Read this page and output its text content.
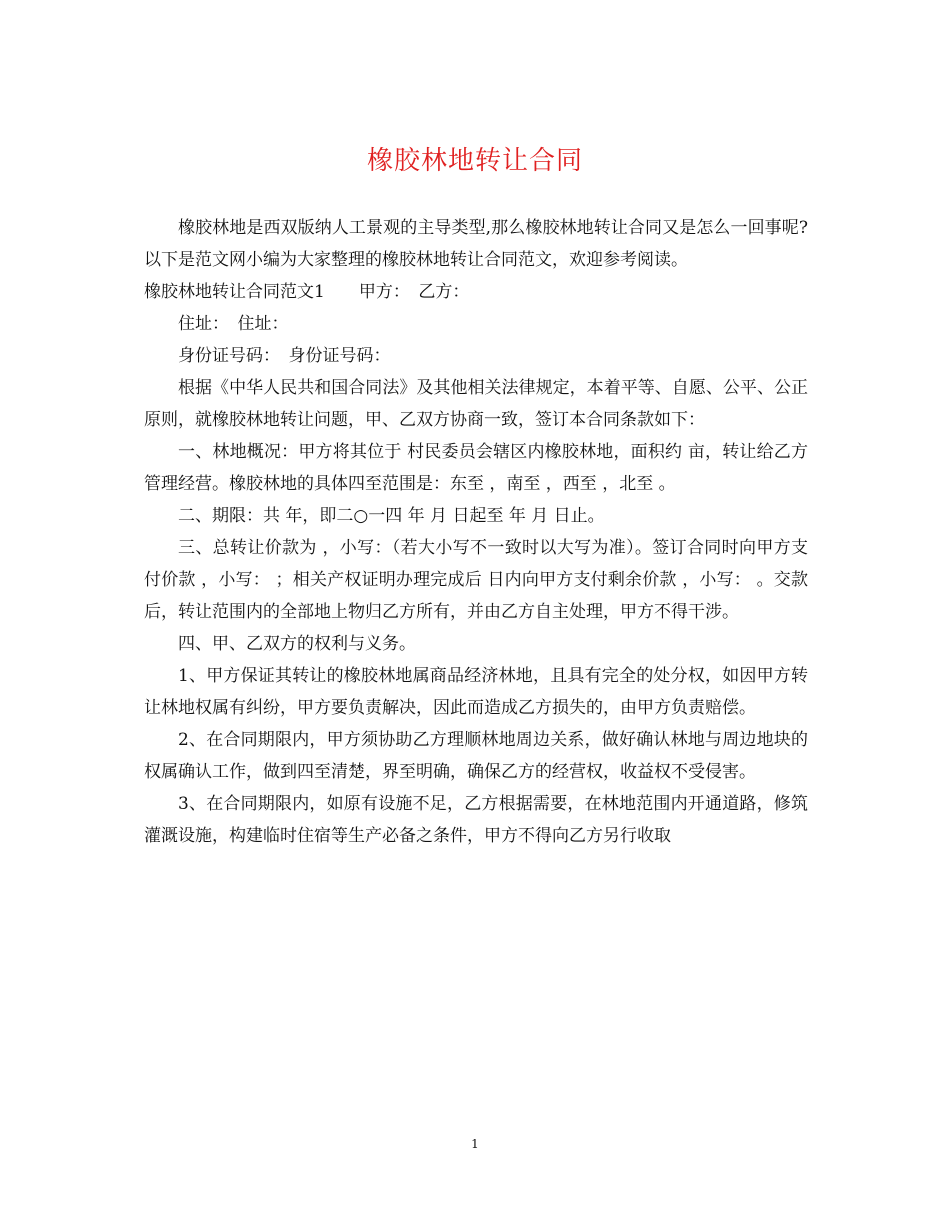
橡胶林地转让合同

橡胶林地是西双版纳人工景观的主导类型,那么橡胶林地转让合同又是怎么一回事呢?以下是范文网小编为大家整理的橡胶林地转让合同范文，欢迎参考阅读。

橡胶林地转让合同范文1　　甲方：　乙方：

住址：　住址：

身份证号码：　身份证号码：

根据《中华人民共和国合同法》及其他相关法律规定，本着平等、自愿、公平、公正原则，就橡胶林地转让问题，甲、乙双方协商一致，签订本合同条款如下：

一、林地概况：甲方将其位于 村民委员会辖区内橡胶林地，面积约 亩，转让给乙方管理经营。橡胶林地的具体四至范围是：东至 ，南至 ，西至 ，北至 。

二、期限：共 年，即二○一四 年 月 日起至 年 月 日止。

三、总转让价款为 ，小写：（若大小写不一致时以大写为准）。签订合同时向甲方支付价款 ，小写： ；相关产权证明办理完成后 日内向甲方支付剩余价款 ，小写： 。交款后，转让范围内的全部地上物归乙方所有，并由乙方自主处理，甲方不得干涉。

四、甲、乙双方的权利与义务。

1、甲方保证其转让的橡胶林地属商品经济林地，且具有完全的处分权，如因甲方转让林地权属有纠纷，甲方要负责解决，因此而造成乙方损失的，由甲方负责赔偿。

2、在合同期限内，甲方须协助乙方理顺林地周边关系，做好确认林地与周边地块的权属确认工作，做到四至清楚，界至明确，确保乙方的经营权，收益权不受侵害。

3、在合同期限内，如原有设施不足，乙方根据需要，在林地范围内开通道路，修筑灌溉设施，构建临时住宿等生产必备之条件，甲方不得向乙方另行收取

1
